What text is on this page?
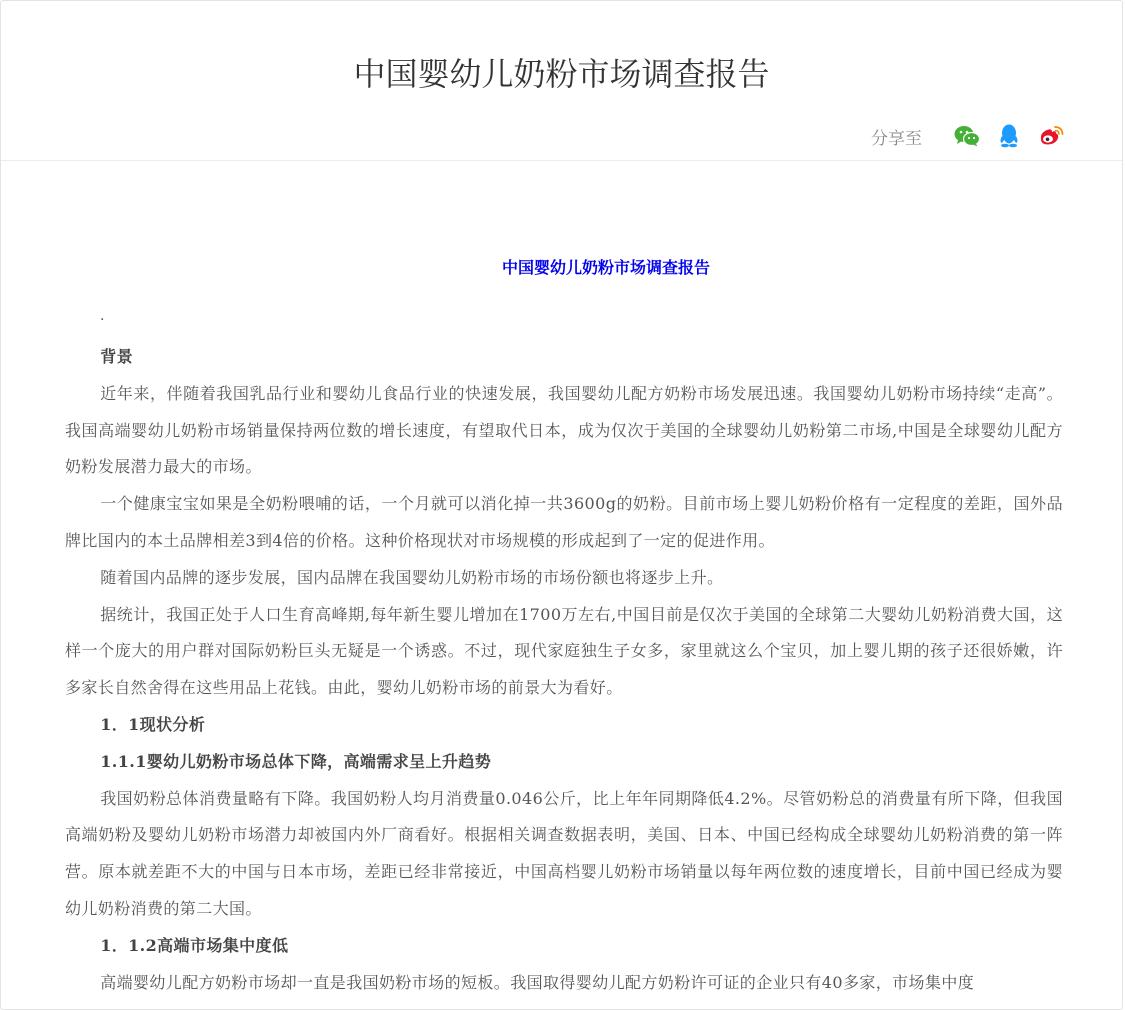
中国婴幼儿奶粉市场调查报告
分享至
中国婴幼儿奶粉市场调查报告
.

背景

近年来，伴随着我国乳品行业和婴幼儿食品行业的快速发展，我国婴幼儿配方奶粉市场发展迅速。我国婴幼儿奶粉市场持续“走高”。我国高端婴幼儿奶粉市场销量保持两位数的增长速度，有望取代日本，成为仅次于美国的全球婴幼儿奶粉第二市场,中国是全球婴幼儿配方奶粉发展潜力最大的市场。

一个健康宝宝如果是全奶粉喂哺的话，一个月就可以消化掉一共3600g的奶粉。目前市场上婴儿奶粉价格有一定程度的差距，国外品牌比国内的本土品牌相差3到4倍的价格。这种价格现状对市场规模的形成起到了一定的促进作用。

随着国内品牌的逐步发展，国内品牌在我国婴幼儿奶粉市场的市场份额也将逐步上升。

据统计，我国正处于人口生育高峰期,每年新生婴儿增加在1700万左右,中国目前是仅次于美国的全球第二大婴幼儿奶粉消费大国，这样一个庞大的用户群对国际奶粉巨头无疑是一个诱惑。不过，现代家庭独生子女多，家里就这么个宝贝，加上婴儿期的孩子还很娇嫩，许多家长自然舍得在这些用品上花钱。由此，婴幼儿奶粉市场的前景大为看好。

1．1现状分析

1.1.1婴幼儿奶粉市场总体下降，高端需求呈上升趋势

我国奶粉总体消费量略有下降。我国奶粉人均月消费量0.046公斤，比上年年同期降低4.2%。尽管奶粉总的消费量有所下降，但我国高端奶粉及婴幼儿奶粉市场潜力却被国内外厂商看好。根据相关调查数据表明，美国、日本、中国已经构成全球婴幼儿奶粉消费的第一阵营。原本就差距不大的中国与日本市场，差距已经非常接近，中国高档婴儿奶粉市场销量以每年两位数的速度增长，目前中国已经成为婴幼儿奶粉消费的第二大国。

1．1.2高端市场集中度低

高端婴幼儿配方奶粉市场却一直是我国奶粉市场的短板。我国取得婴幼儿配方奶粉许可证的企业只有40多家，市场集中度
